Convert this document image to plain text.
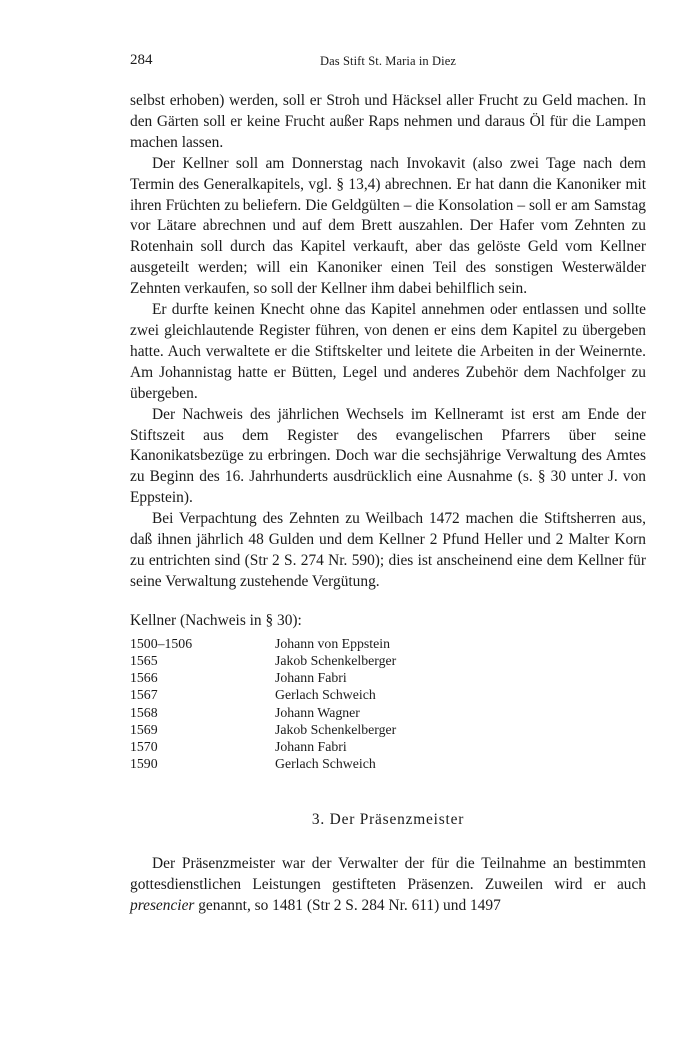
284	Das Stift St. Maria in Diez

selbst erhoben) werden, soll er Stroh und Häcksel aller Frucht zu Geld machen. In den Gärten soll er keine Frucht außer Raps nehmen und daraus Öl für die Lampen machen lassen.

Der Kellner soll am Donnerstag nach Invokavit (also zwei Tage nach dem Termin des Generalkapitels, vgl. § 13,4) abrechnen. Er hat dann die Kanoniker mit ihren Früchten zu beliefern. Die Geldgülten – die Konsolation – soll er am Samstag vor Lätare abrechnen und auf dem Brett auszahlen. Der Hafer vom Zehnten zu Rotenhain soll durch das Kapitel verkauft, aber das gelöste Geld vom Kellner ausgeteilt werden; will ein Kanoniker einen Teil des sonstigen Westerwälder Zehnten verkaufen, so soll der Kellner ihm dabei behilflich sein.

Er durfte keinen Knecht ohne das Kapitel annehmen oder entlassen und sollte zwei gleichlautende Register führen, von denen er eins dem Kapitel zu übergeben hatte. Auch verwaltete er die Stiftskelter und leitete die Arbeiten in der Weinernte. Am Johannistag hatte er Bütten, Legel und anderes Zubehör dem Nachfolger zu übergeben.

Der Nachweis des jährlichen Wechsels im Kellneramt ist erst am Ende der Stiftszeit aus dem Register des evangelischen Pfarrers über seine Kanonikatsbezüge zu erbringen. Doch war die sechsjährige Verwaltung des Amtes zu Beginn des 16. Jahrhunderts ausdrücklich eine Ausnahme (s. § 30 unter J. von Eppstein).

Bei Verpachtung des Zehnten zu Weilbach 1472 machen die Stiftsherren aus, daß ihnen jährlich 48 Gulden und dem Kellner 2 Pfund Heller und 2 Malter Korn zu entrichten sind (Str 2 S. 274 Nr. 590); dies ist anscheinend eine dem Kellner für seine Verwaltung zustehende Vergütung.

Kellner (Nachweis in § 30):
1500–1506	Johann von Eppstein
1565	Jakob Schenkelberger
1566	Johann Fabri
1567	Gerlach Schweich
1568	Johann Wagner
1569	Jakob Schenkelberger
1570	Johann Fabri
1590	Gerlach Schweich
3. Der Präsenzmeister

Der Präsenzmeister war der Verwalter der für die Teilnahme an bestimmten gottesdienstlichen Leistungen gestifteten Präsenzen. Zuweilen wird er auch presencier genannt, so 1481 (Str 2 S. 284 Nr. 611) und 1497
